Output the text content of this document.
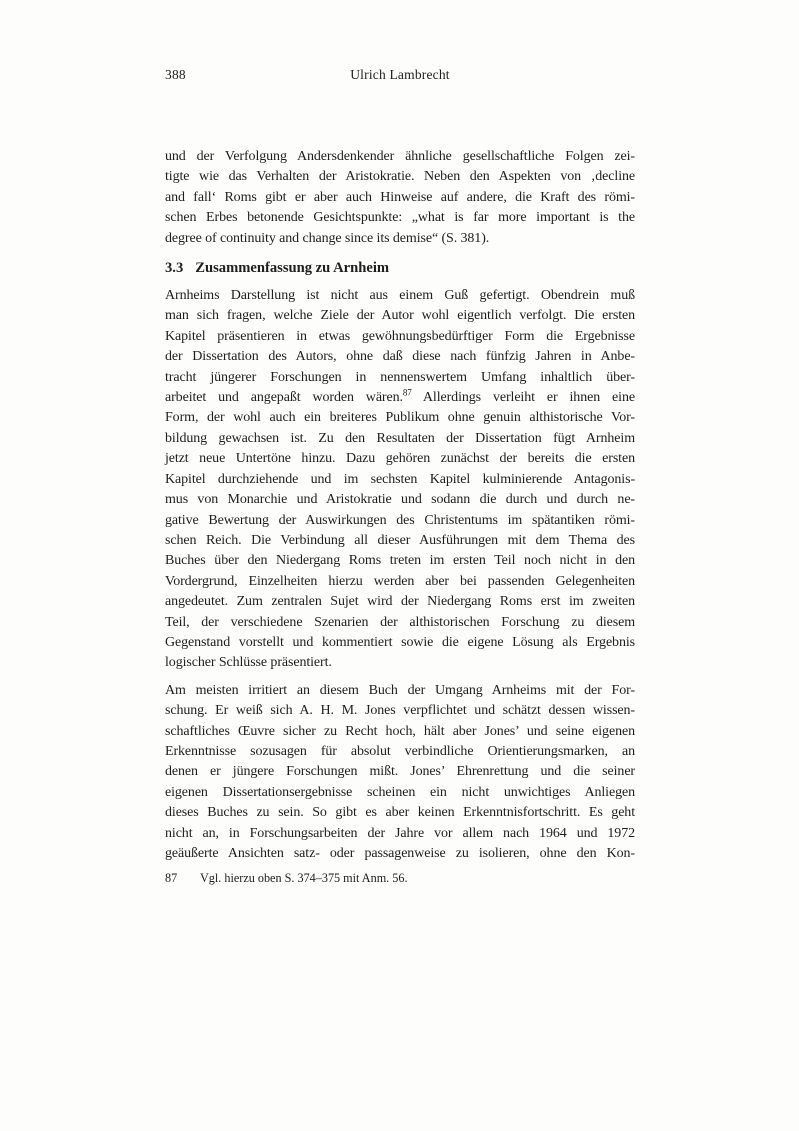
388	Ulrich Lambrecht
und der Verfolgung Andersdenkender ähnliche gesellschaftliche Folgen zei-
tigte wie das Verhalten der Aristokratie. Neben den Aspekten von ‚decline
and fall‘ Roms gibt er aber auch Hinweise auf andere, die Kraft des römi-
schen Erbes betonende Gesichtspunkte: „what is far more important is the
degree of continuity and change since its demise“ (S. 381).
3.3 Zusammenfassung zu Arnheim
Arnheims Darstellung ist nicht aus einem Guß gefertigt. Obendrein muß
man sich fragen, welche Ziele der Autor wohl eigentlich verfolgt. Die ersten
Kapitel präsentieren in etwas gewöhnungsbedürftiger Form die Ergebnisse
der Dissertation des Autors, ohne daß diese nach fünfzig Jahren in Anbe-
tracht jüngerer Forschungen in nennenswertem Umfang inhaltlich über-
arbeitet und angepaßt worden wären.$^{87}$ Allerdings verleiht er ihnen eine
Form, der wohl auch ein breiteres Publikum ohne genuin althistorische Vor-
bildung gewachsen ist. Zu den Resultaten der Dissertation fügt Arnheim
jetzt neue Untertöne hinzu. Dazu gehören zunächst der bereits die ersten
Kapitel durchziehende und im sechsten Kapitel kulminierende Antagonis-
mus von Monarchie und Aristokratie und sodann die durch und durch ne-
gative Bewertung der Auswirkungen des Christentums im spätantiken römi-
schen Reich. Die Verbindung all dieser Ausführungen mit dem Thema des
Buches über den Niedergang Roms treten im ersten Teil noch nicht in den
Vordergrund, Einzelheiten hierzu werden aber bei passenden Gelegenheiten
angedeutet. Zum zentralen Sujet wird der Niedergang Roms erst im zweiten
Teil, der verschiedene Szenarien der althistorischen Forschung zu diesem
Gegenstand vorstellt und kommentiert sowie die eigene Lösung als Ergebnis
logischer Schlüsse präsentiert.
Am meisten irritiert an diesem Buch der Umgang Arnheims mit der For-
schung. Er weiß sich A. H. M. Jones verpflichtet und schätzt dessen wissen-
schaftliches Œuvre sicher zu Recht hoch, hält aber Jones’ und seine eigenen
Erkenntnisse sozusagen für absolut verbindliche Orientierungsmarken, an
denen er jüngere Forschungen mißt. Jones’ Ehrenrettung und die seiner
eigenen Dissertationsergebnisse scheinen ein nicht unwichtiges Anliegen
dieses Buches zu sein. So gibt es aber keinen Erkenntnisfortschritt. Es geht
nicht an, in Forschungsarbeiten der Jahre vor allem nach 1964 und 1972
geäußerte Ansichten satz- oder passagenweise zu isolieren, ohne den Kon-
87	Vgl. hierzu oben S. 374–375 mit Anm. 56.
